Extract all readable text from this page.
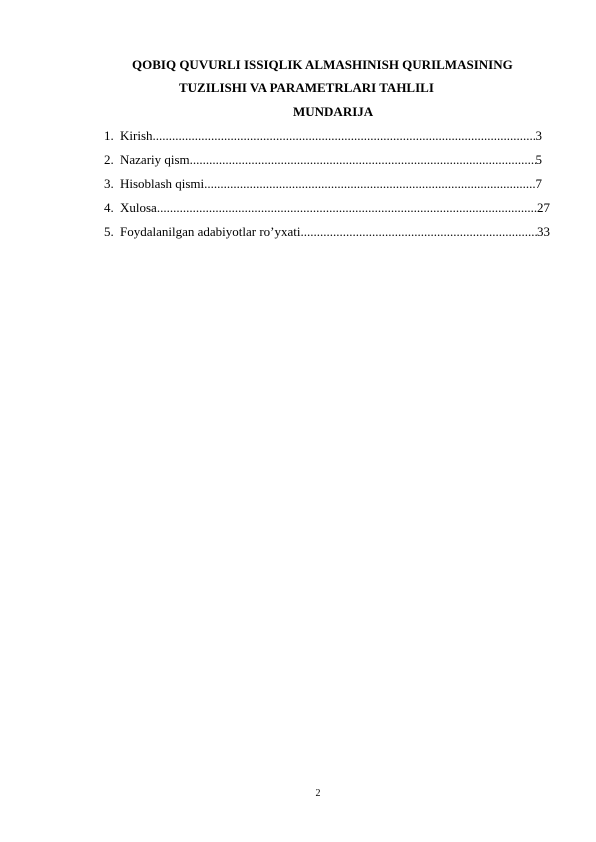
QOBIQ QUVURLI ISSIQLIK ALMASHINISH QURILMASINING
TUZILISHI VA PARAMETRLARI TAHLILI
MUNDARIJA
1. Kirish .....	3
2. Nazariy qism .....	5
3. Hisoblash qismi .....	7
4. Xulosa .....	27
5. Foydalanilgan adabiyotlar ro’yxati .....	33
2
